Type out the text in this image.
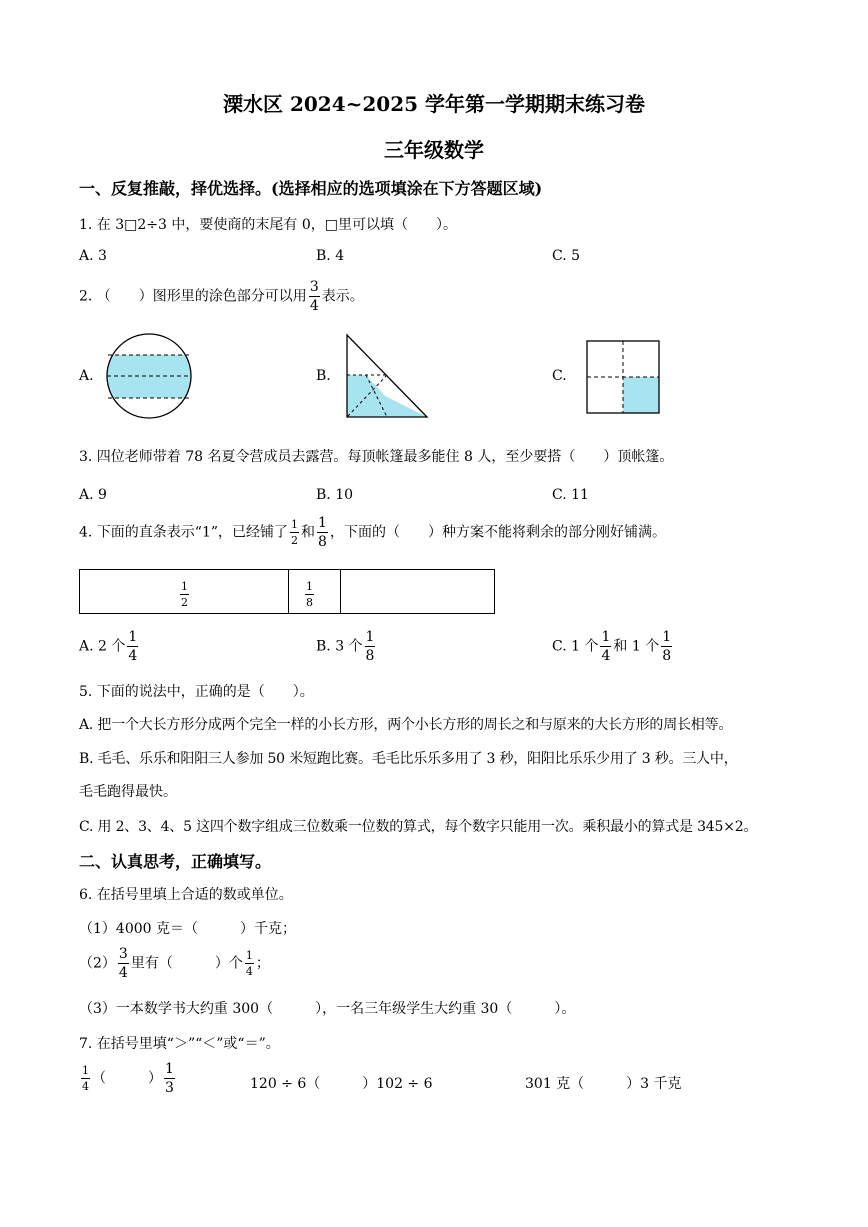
溧水区 2024~2025 学年第一学期期末练习卷
三年级数学
一、反复推敲，择优选择。(选择相应的选项填涂在下方答题区域)
1. 在 3□2÷3 中，要使商的末尾有 0，□里可以填（　　）。
A. 3	B. 4	C. 5
2. （　　）图形里的涂色部分可以用 $\frac{3}{4}$ 表示。
A.	B.	C.
3. 四位老师带着 78 名夏令营成员去露营。每顶帐篷最多能住 8 人，至少要搭（　　）顶帐篷。
A. 9	B. 10	C. 11
4. 下面的直条表示“1”，已经铺了 $\frac{1}{2}$ 和 $\frac{1}{8}$ ，下面的（　　）种方案不能将剩余的部分刚好铺满。
$\frac{1}{2}$	$\frac{1}{8}$
A. 2 个 $\frac{1}{4}$	B. 3 个 $\frac{1}{8}$	C. 1 个 $\frac{1}{4}$ 和 1 个 $\frac{1}{8}$
5. 下面的说法中，正确的是（　　）。
A. 把一个大长方形分成两个完全一样的小长方形，两个小长方形的周长之和与原来的大长方形的周长相等。
B. 毛毛、乐乐和阳阳三人参加 50 米短跑比赛。毛毛比乐乐多用了 3 秒，阳阳比乐乐少用了 3 秒。三人中，
毛毛跑得最快。
C. 用 2、3、4、5 这四个数字组成三位数乘一位数的算式，每个数字只能用一次。乘积最小的算式是 345×2。
二、认真思考，正确填写。
6. 在括号里填上合适的数或单位。
（1）4000 克＝（　　　）千克；
$(2) \frac{3}{4}$ 里有（　　　）个 $\frac{1}{4}$ ；
（3）一本数学书大约重 300（　　　），一名三年级学生大约重 30（　　　）。
7. 在括号里填“＞”“＜”或“＝”。
$\frac{1}{4}$ （　　　） $\frac{1}{3}$	120 ÷ 6（　　　）102 ÷ 6	301 克（　　　）3 千克
